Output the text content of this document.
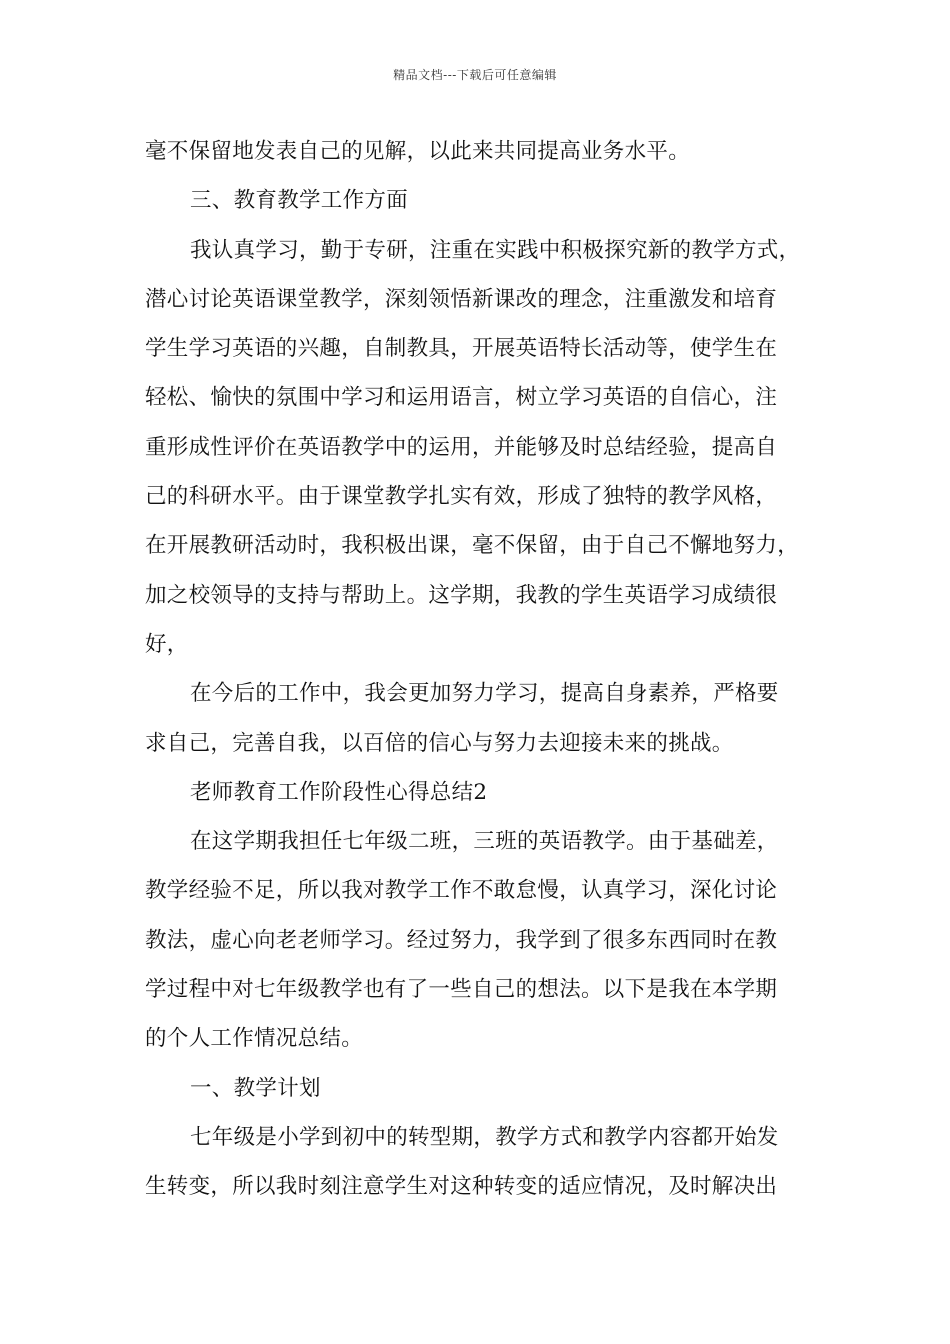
精品文档---下载后可任意编辑
毫不保留地发表自己的见解，以此来共同提高业务水平。
三、教育教学工作方面
我认真学习，勤于专研，注重在实践中积极探究新的教学方式，
潜心讨论英语课堂教学，深刻领悟新课改的理念，注重激发和培育
学生学习英语的兴趣，自制教具，开展英语特长活动等，使学生在
轻松、愉快的氛围中学习和运用语言，树立学习英语的自信心，注
重形成性评价在英语教学中的运用，并能够及时总结经验，提高自
己的科研水平。由于课堂教学扎实有效，形成了独特的教学风格，
在开展教研活动时，我积极出课，毫不保留，由于自己不懈地努力，
加之校领导的支持与帮助上。这学期，我教的学生英语学习成绩很
好，
在今后的工作中，我会更加努力学习，提高自身素养，严格要
求自己，完善自我，以百倍的信心与努力去迎接未来的挑战。
老师教育工作阶段性心得总结2
在这学期我担任七年级二班，三班的英语教学。由于基础差，
教学经验不足，所以我对教学工作不敢怠慢，认真学习，深化讨论
教法，虚心向老老师学习。经过努力，我学到了很多东西同时在教
学过程中对七年级教学也有了一些自己的想法。以下是我在本学期
的个人工作情况总结。
一、教学计划
七年级是小学到初中的转型期，教学方式和教学内容都开始发
生转变，所以我时刻注意学生对这种转变的适应情况，及时解决出
